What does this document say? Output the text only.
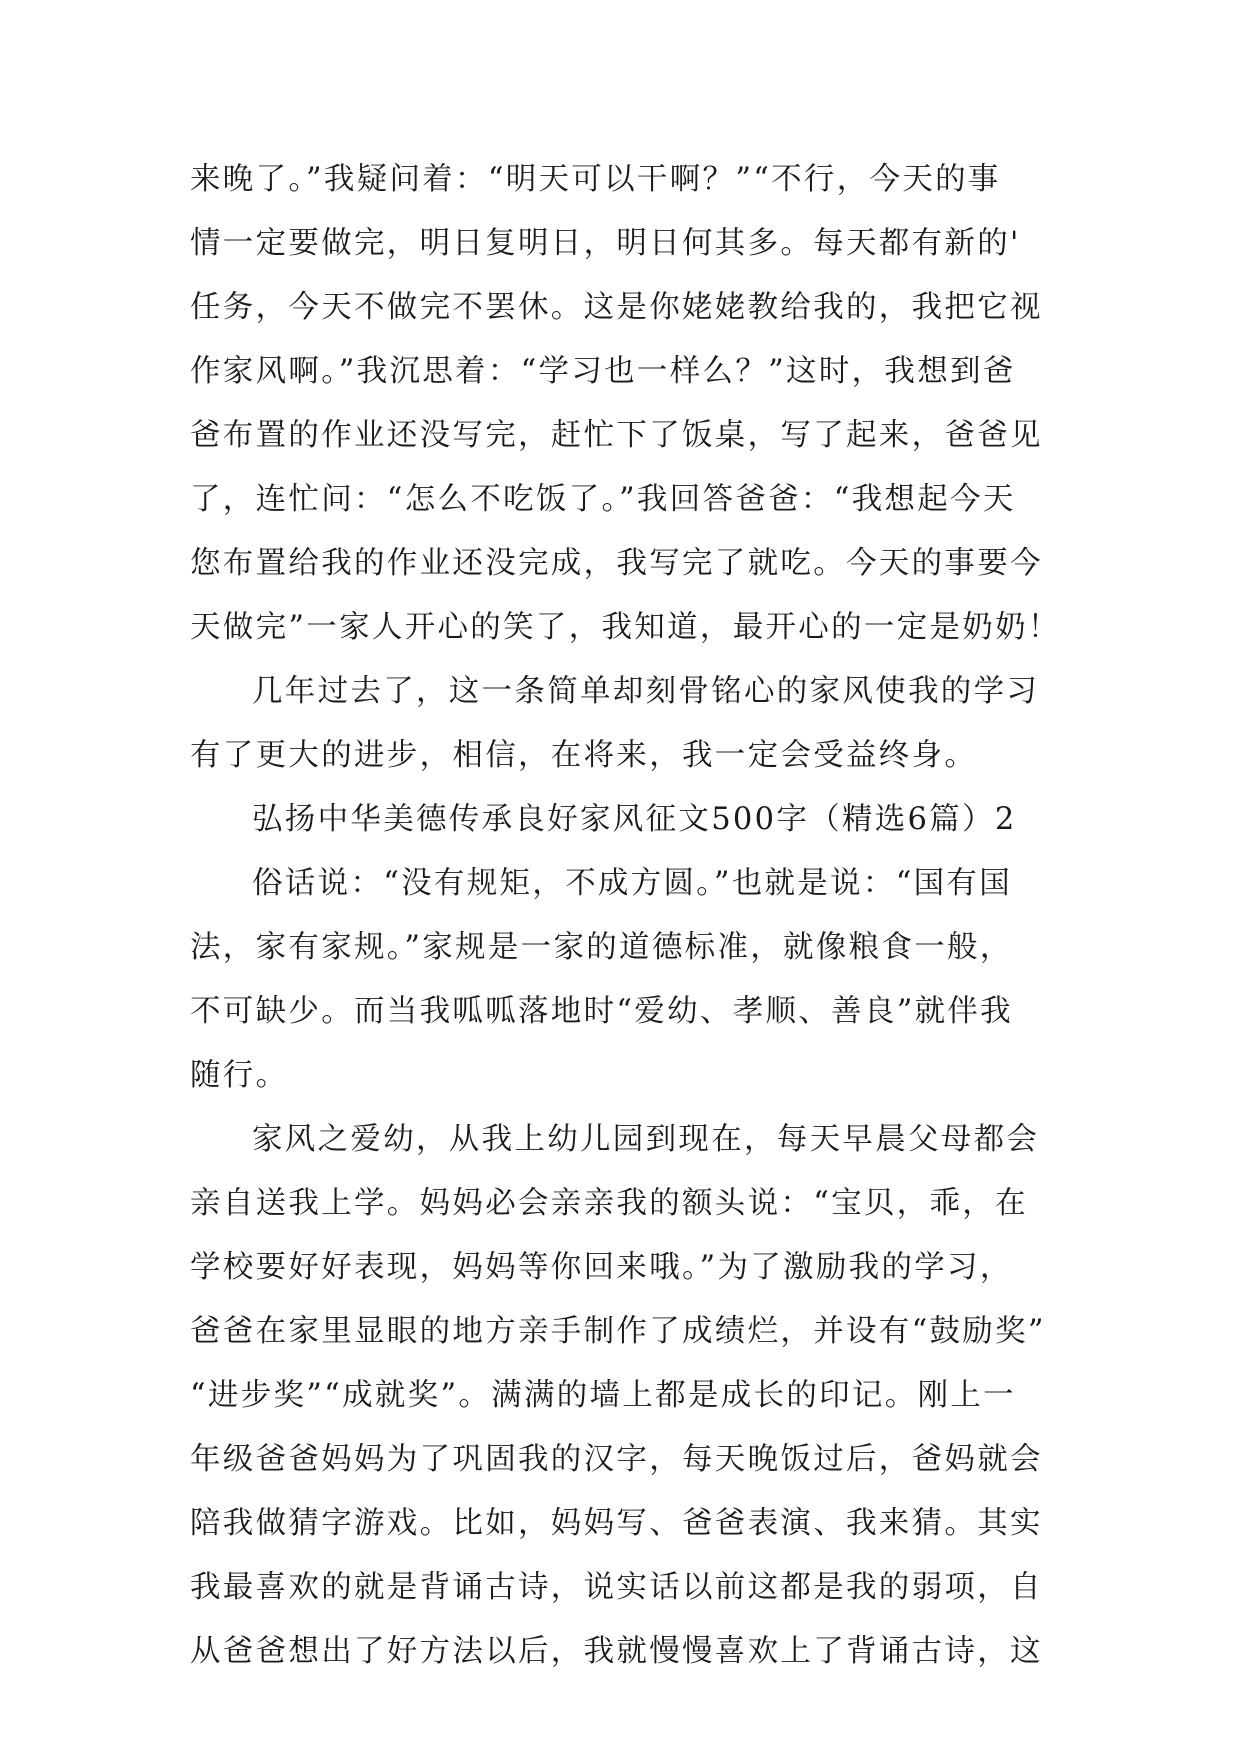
来晚了。”我疑问着：“明天可以干啊？”“不行，今天的事
情一定要做完，明日复明日，明日何其多。每天都有新的'
任务，今天不做完不罢休。这是你姥姥教给我的，我把它视
作家风啊。”我沉思着：“学习也一样么？”这时，我想到爸
爸布置的作业还没写完，赶忙下了饭桌，写了起来，爸爸见
了，连忙问：“怎么不吃饭了。”我回答爸爸：“我想起今天
您布置给我的作业还没完成，我写完了就吃。今天的事要今
天做完”一家人开心的笑了，我知道，最开心的一定是奶奶！
几年过去了，这一条简单却刻骨铭心的家风使我的学习
有了更大的进步，相信，在将来，我一定会受益终身。
弘扬中华美德传承良好家风征文500字（精选6篇）2
俗话说：“没有规矩，不成方圆。”也就是说：“国有国
法，家有家规。”家规是一家的道德标准，就像粮食一般，
不可缺少。而当我呱呱落地时“爱幼、孝顺、善良”就伴我
随行。
家风之爱幼，从我上幼儿园到现在，每天早晨父母都会
亲自送我上学。妈妈必会亲亲我的额头说：“宝贝，乖，在
学校要好好表现，妈妈等你回来哦。”为了激励我的学习，
爸爸在家里显眼的地方亲手制作了成绩烂，并设有“鼓励奖”
“进步奖”“成就奖”。满满的墙上都是成长的印记。刚上一
年级爸爸妈妈为了巩固我的汉字，每天晚饭过后，爸妈就会
陪我做猜字游戏。比如，妈妈写、爸爸表演、我来猜。其实
我最喜欢的就是背诵古诗，说实话以前这都是我的弱项，自
从爸爸想出了好方法以后，我就慢慢喜欢上了背诵古诗，这
